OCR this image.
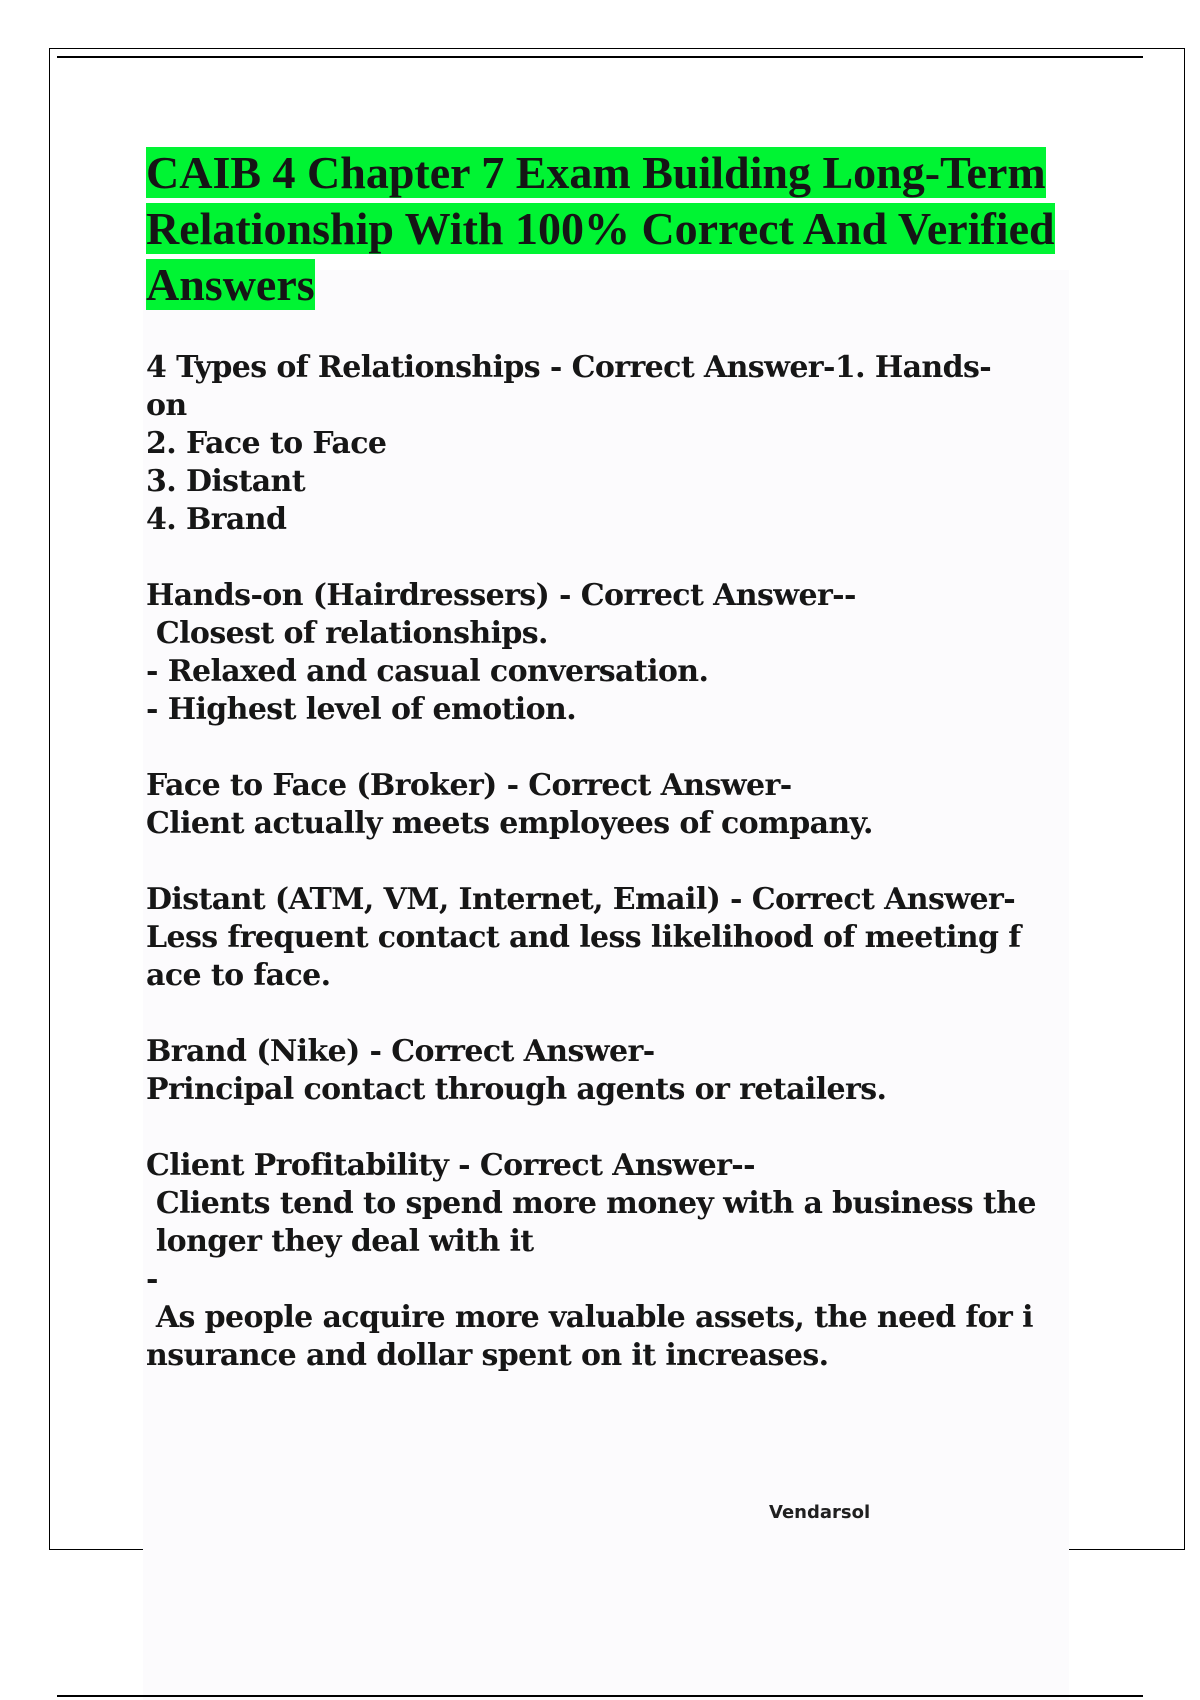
CAIB 4 Chapter 7 Exam Building Long-Term Relationship With 100% Correct And Verified Answers

4 Types of Relationships - Correct Answer-1. Hands-
on
2. Face to Face
3. Distant
4. Brand

Hands-on (Hairdressers) - Correct Answer--
Closest of relationships.
- Relaxed and casual conversation.
- Highest level of emotion.

Face to Face (Broker) - Correct Answer-
Client actually meets employees of company.

Distant (ATM, VM, Internet, Email) - Correct Answer-
Less frequent contact and less likelihood of meeting f
ace to face.

Brand (Nike) - Correct Answer-
Principal contact through agents or retailers.

Client Profitability - Correct Answer--
Clients tend to spend more money with a business the
longer they deal with it
-
As people acquire more valuable assets, the need for i
nsurance and dollar spent on it increases.

Vendarsol
